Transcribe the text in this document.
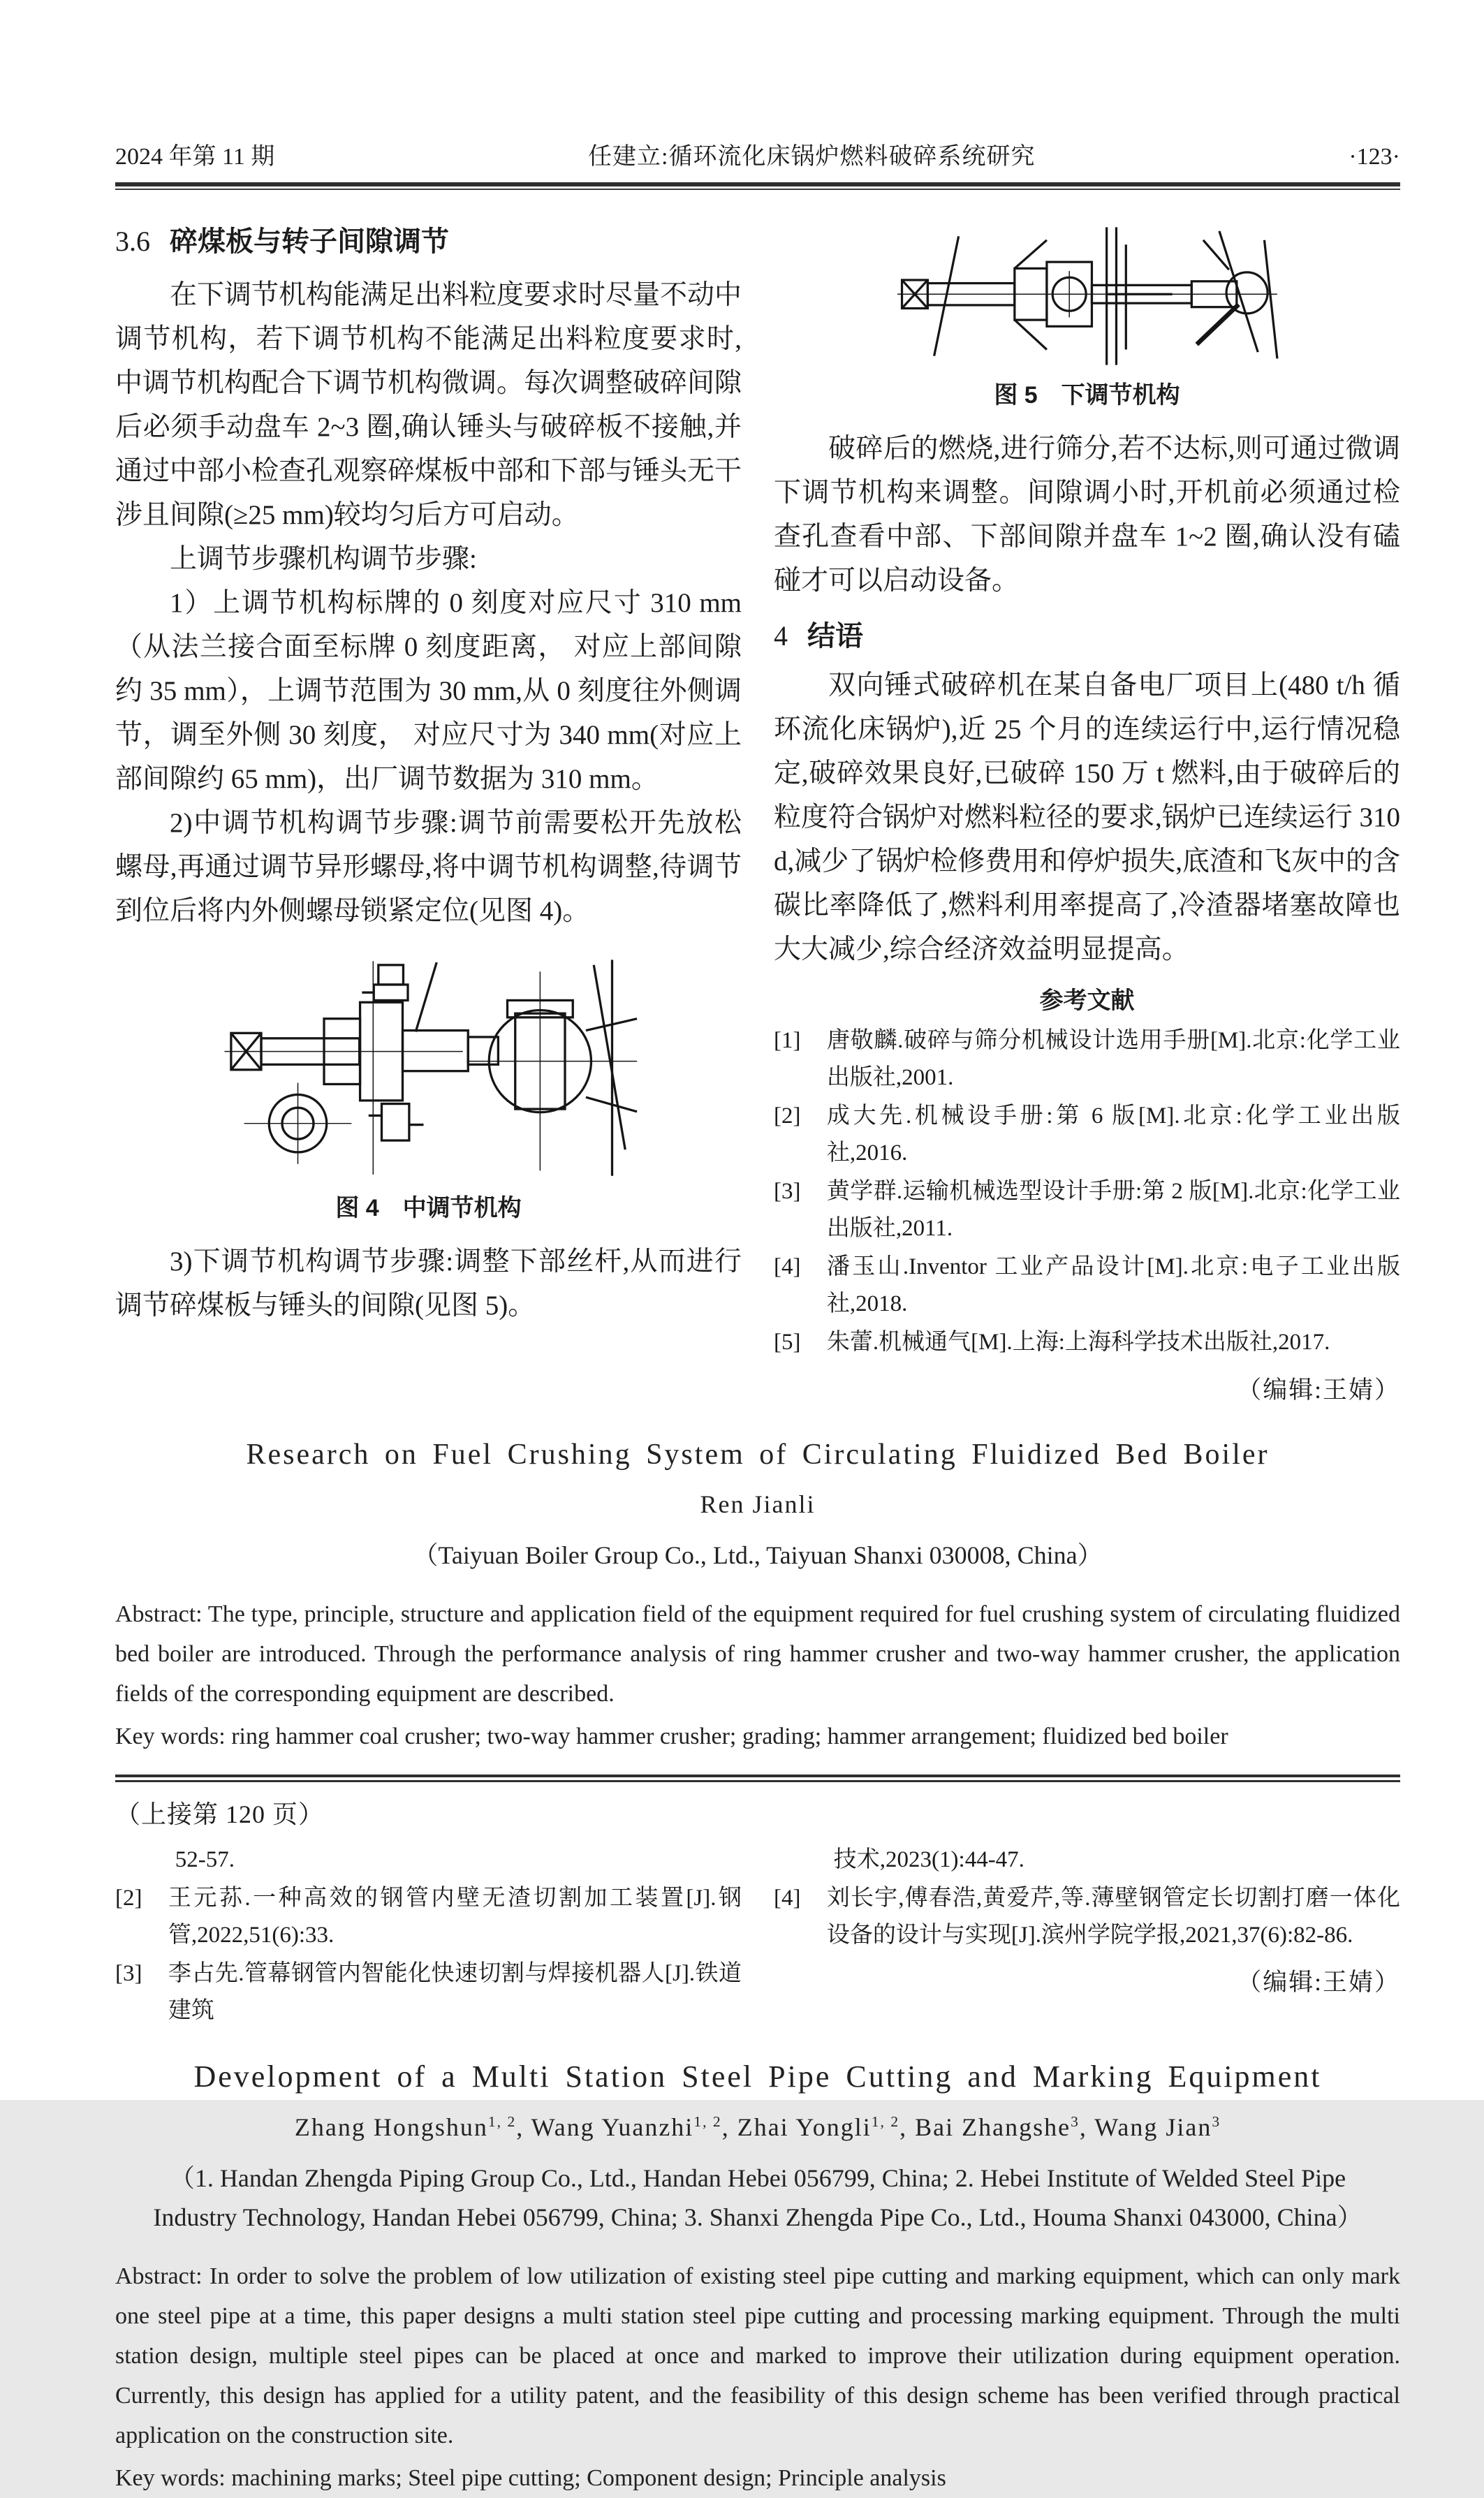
2024 年第 11 期	任建立:循环流化床锅炉燃料破碎系统研究	·123·
3.6 碎煤板与转子间隙调节

在下调节机构能满足出料粒度要求时尽量不动中调节机构，若下调节机构不能满足出料粒度要求时,中调节机构配合下调节机构微调。每次调整破碎间隙后必须手动盘车 2~3 圈,确认锤头与破碎板不接触,并通过中部小检查孔观察碎煤板中部和下部与锤头无干涉且间隙(≥25 mm)较均匀后方可启动。

上调节步骤机构调节步骤:

1）上调节机构标牌的 0 刻度对应尺寸 310 mm（从法兰接合面至标牌 0 刻度距离， 对应上部间隙约 35 mm），上调节范围为 30 mm,从 0 刻度往外侧调节，调至外侧 30 刻度， 对应尺寸为 340 mm(对应上部间隙约 65 mm)，出厂调节数据为 310 mm。

2)中调节机构调节步骤:调节前需要松开先放松螺母,再通过调节异形螺母,将中调节机构调整,待调节到位后将内外侧螺母锁紧定位(见图 4)。

图 4　中调节机构

3)下调节机构调节步骤:调整下部丝杆,从而进行调节碎煤板与锤头的间隙(见图 5)。

图 5　下调节机构

破碎后的燃烧,进行筛分,若不达标,则可通过微调下调节机构来调整。间隙调小时,开机前必须通过检查孔查看中部、下部间隙并盘车 1~2 圈,确认没有磕碰才可以启动设备。

4 结语

双向锤式破碎机在某自备电厂项目上(480 t/h 循环流化床锅炉),近 25 个月的连续运行中,运行情况稳定,破碎效果良好,已破碎 150 万 t 燃料,由于破碎后的粒度符合锅炉对燃料粒径的要求,锅炉已连续运行 310 d,减少了锅炉检修费用和停炉损失,底渣和飞灰中的含碳比率降低了,燃料利用率提高了,冷渣器堵塞故障也大大减少,综合经济效益明显提高。

参考文献
[1] 唐敬麟.破碎与筛分机械设计选用手册[M].北京:化学工业出版社,2001.
[2] 成大先.机械设手册:第 6 版[M].北京:化学工业出版社,2016.
[3] 黄学群.运输机械选型设计手册:第 2 版[M].北京:化学工业出版社,2011.
[4] 潘玉山.Inventor 工业产品设计[M].北京:电子工业出版社,2018.
[5] 朱蕾.机械通气[M].上海:上海科学技术出版社,2017.
（编辑:王婧）

Research on Fuel Crushing System of Circulating Fluidized Bed Boiler

Ren Jianli

（Taiyuan Boiler Group Co., Ltd., Taiyuan Shanxi 030008, China）

Abstract: The type, principle, structure and application field of the equipment required for fuel crushing system of circulating fluidized bed boiler are introduced. Through the performance analysis of ring hammer crusher and two-way hammer crusher, the application fields of the corresponding equipment are described.

Key words: ring hammer coal crusher; two-way hammer crusher; grading; hammer arrangement; fluidized bed boiler

（上接第 120 页）

52-57.

[2] 王元荪.一种高效的钢管内壁无渣切割加工装置[J].钢管,2022,51(6):33.
[3] 李占先.管幕钢管内智能化快速切割与焊接机器人[J].铁道建筑

技术,2023(1):44-47.

[4] 刘长宇,傅春浩,黄爱芹,等.薄壁钢管定长切割打磨一体化设备的设计与实现[J].滨州学院学报,2021,37(6):82-86.
（编辑:王婧）

Development of a Multi Station Steel Pipe Cutting and Marking Equipment

Zhang Hongshun$^{1, 2}$, Wang Yuanzhi$^{1, 2}$, Zhai Yongli$^{1, 2}$, Bai Zhangshe$^3$, Wang Jian$^3$

（1. Handan Zhengda Piping Group Co., Ltd., Handan Hebei 056799, China; 2. Hebei Institute of Welded Steel Pipe Industry Technology, Handan Hebei 056799, China; 3. Shanxi Zhengda Pipe Co., Ltd., Houma Shanxi 043000, China）

Abstract: In order to solve the problem of low utilization of existing steel pipe cutting and marking equipment, which can only mark one steel pipe at a time, this paper designs a multi station steel pipe cutting and processing marking equipment. Through the multi station design, multiple steel pipes can be placed at once and marked to improve their utilization during equipment operation. Currently, this design has applied for a utility patent, and the feasibility of this design scheme has been verified through practical application on the construction site.

Key words: machining marks; Steel pipe cutting; Component design; Principle analysis
